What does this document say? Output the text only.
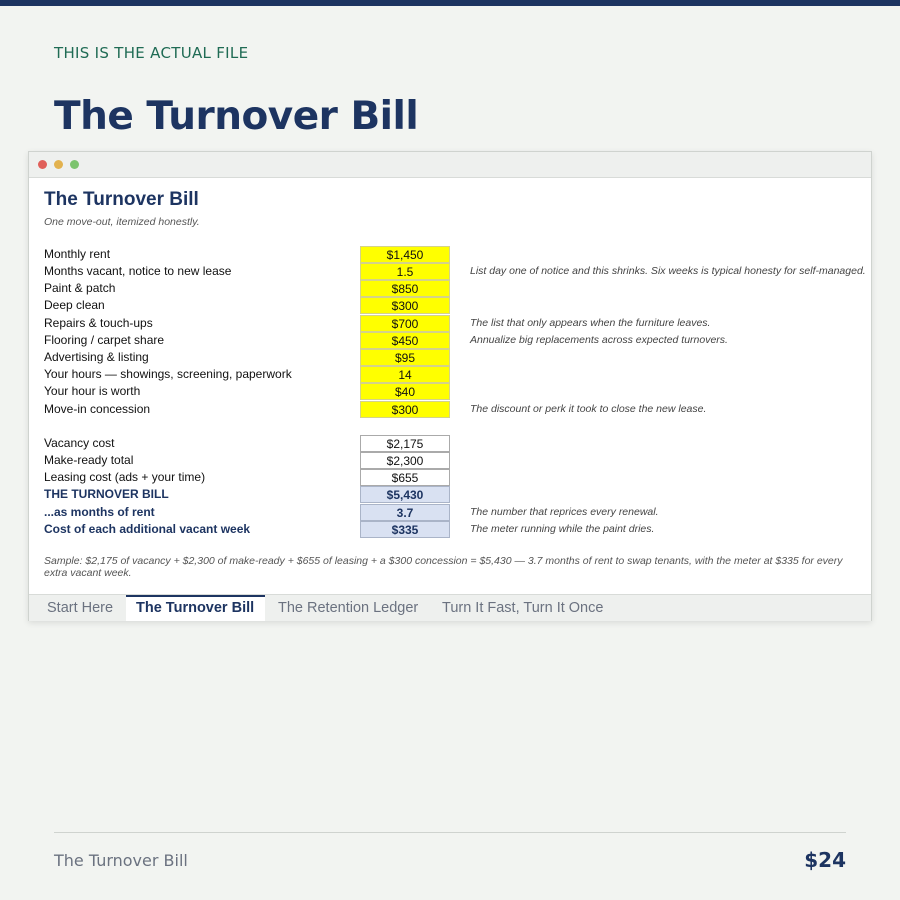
THIS IS THE ACTUAL FILE
The Turnover Bill
The Turnover Bill
One move-out, itemized honestly.
Monthly rent	$1,450
Months vacant, notice to new lease	1.5	List day one of notice and this shrinks. Six weeks is typical honesty for self-managed.
Paint & patch	$850
Deep clean	$300
Repairs & touch-ups	$700	The list that only appears when the furniture leaves.
Flooring / carpet share	$450	Annualize big replacements across expected turnovers.
Advertising & listing	$95
Your hours — showings, screening, paperwork	14
Your hour is worth	$40
Move-in concession	$300	The discount or perk it took to close the new lease.
Vacancy cost	$2,175
Make-ready total	$2,300
Leasing cost (ads + your time)	$655
THE TURNOVER BILL	$5,430
...as months of rent	3.7	The number that reprices every renewal.
Cost of each additional vacant week	$335	The meter running while the paint dries.
Sample: $2,175 of vacancy + $2,300 of make-ready + $655 of leasing + a $300 concession = $5,430 — 3.7 months of rent to swap tenants, with the meter at $335 for every extra vacant week.
Start Here	The Turnover Bill	The Retention Ledger	Turn It Fast, Turn It Once
The Turnover Bill	$24
